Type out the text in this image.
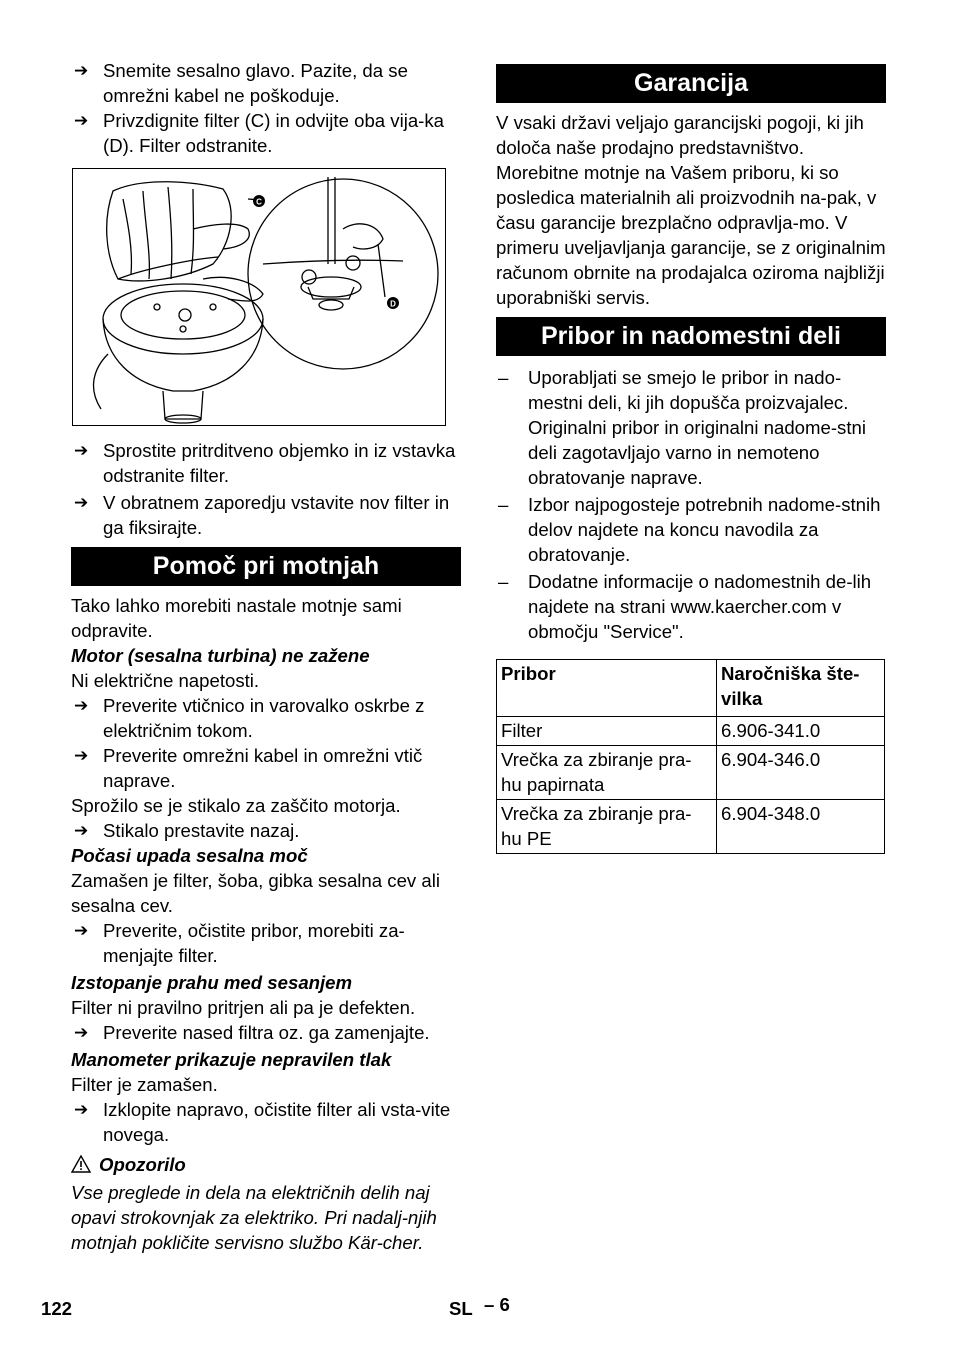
➔ Snemite sesalno glavo. Pazite, da se omrežni kabel ne poškoduje.

➔ Privzdignite filter (C) in odvijte oba vija-ka (D). Filter odstranite.

C
D

➔ Sprostite pritrditveno objemko in iz vstavka odstranite filter.

➔ V obratnem zaporedju vstavite nov filter in ga fiksirajte.

Pomoč pri motnjah

Tako lahko morebiti nastale motnje sami odpravite.

Motor (sesalna turbina) ne zažene

Ni električne napetosti.

➔ Preverite vtičnico in varovalko oskrbe z električnim tokom.

➔ Preverite omrežni kabel in omrežni vtič naprave.

Sprožilo se je stikalo za zaščito motorja.

➔ Stikalo prestavite nazaj.

Počasi upada sesalna moč

Zamašen je filter, šoba, gibka sesalna cev ali sesalna cev.

➔ Preverite, očistite pribor, morebiti za-menjajte filter.

Izstopanje prahu med sesanjem

Filter ni pravilno pritrjen ali pa je defekten.

➔ Preverite nased filtra oz. ga zamenjajte.

Manometer prikazuje nepravilen tlak

Filter je zamašen.

➔ Izklopite napravo, očistite filter ali vsta-vite novega.

Opozorilo

Vse preglede in dela na električnih delih naj opavi strokovnjak za elektriko. Pri nadalj-njih motnjah pokličite servisno službo Kär-cher.

Garancija

V vsaki državi veljajo garancijski pogoji, ki jih določa naše prodajno predstavništvo. Morebitne motnje na Vašem priboru, ki so posledica materialnih ali proizvodnih na-pak, v času garancije brezplačno odpravlja-mo. V primeru uveljavljanja garancije, se z originalnim računom obrnite na prodajalca oziroma najbližji uporabniški servis.

Pribor in nadomestni deli

– Uporabljati se smejo le pribor in nado-mestni deli, ki jih dopušča proizvajalec. Originalni pribor in originalni nadome-stni deli zagotavljajo varno in nemoteno obratovanje naprave.

– Izbor najpogosteje potrebnih nadome-stnih delov najdete na koncu navodila za obratovanje.

– Dodatne informacije o nadomestnih de-lih najdete na strani www.kaercher.com v območju "Service".

Pribor	Naročniška šte-vilka
Filter	6.906-341.0
Vrečka za zbiranje pra-hu papirnata	6.904-346.0
Vrečka za zbiranje pra-hu PE	6.904-348.0
122	SL – 6
